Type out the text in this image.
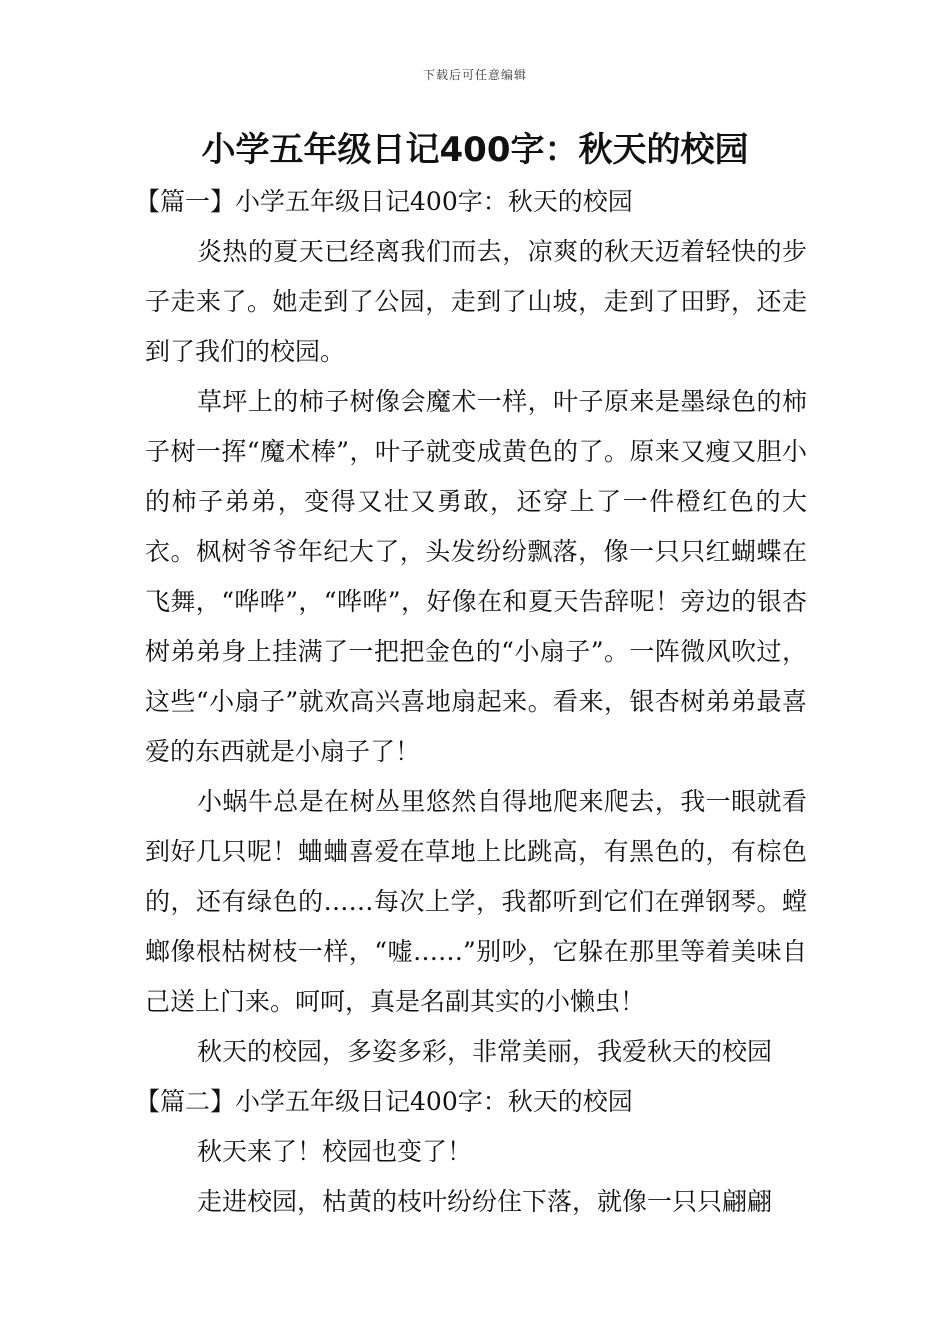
下载后可任意编辑
小学五年级日记400字：秋天的校园

【篇一】小学五年级日记400字：秋天的校园

炎热的夏天已经离我们而去，凉爽的秋天迈着轻快的步子走来了。她走到了公园，走到了山坡，走到了田野，还走到了我们的校园。

草坪上的柿子树像会魔术一样，叶子原来是墨绿色的柿子树一挥“魔术棒”，叶子就变成黄色的了。原来又瘦又胆小的柿子弟弟，变得又壮又勇敢，还穿上了一件橙红色的大衣。枫树爷爷年纪大了，头发纷纷飘落，像一只只红蝴蝶在飞舞，“哗哗”，“哗哗”，好像在和夏天告辞呢！旁边的银杏树弟弟身上挂满了一把把金色的“小扇子”。一阵微风吹过，这些“小扇子”就欢高兴喜地扇起来。看来，银杏树弟弟最喜爱的东西就是小扇子了！

小蜗牛总是在树丛里悠然自得地爬来爬去，我一眼就看到好几只呢！蛐蛐喜爱在草地上比跳高，有黑色的，有棕色的，还有绿色的……每次上学，我都听到它们在弹钢琴。螳螂像根枯树枝一样，“嘘……”别吵，它躲在那里等着美味自己送上门来。呵呵，真是名副其实的小懒虫！

秋天的校园，多姿多彩，非常美丽，我爱秋天的校园

【篇二】小学五年级日记400字：秋天的校园

秋天来了！校园也变了！

走进校园，枯黄的枝叶纷纷住下落，就像一只只翩翩
